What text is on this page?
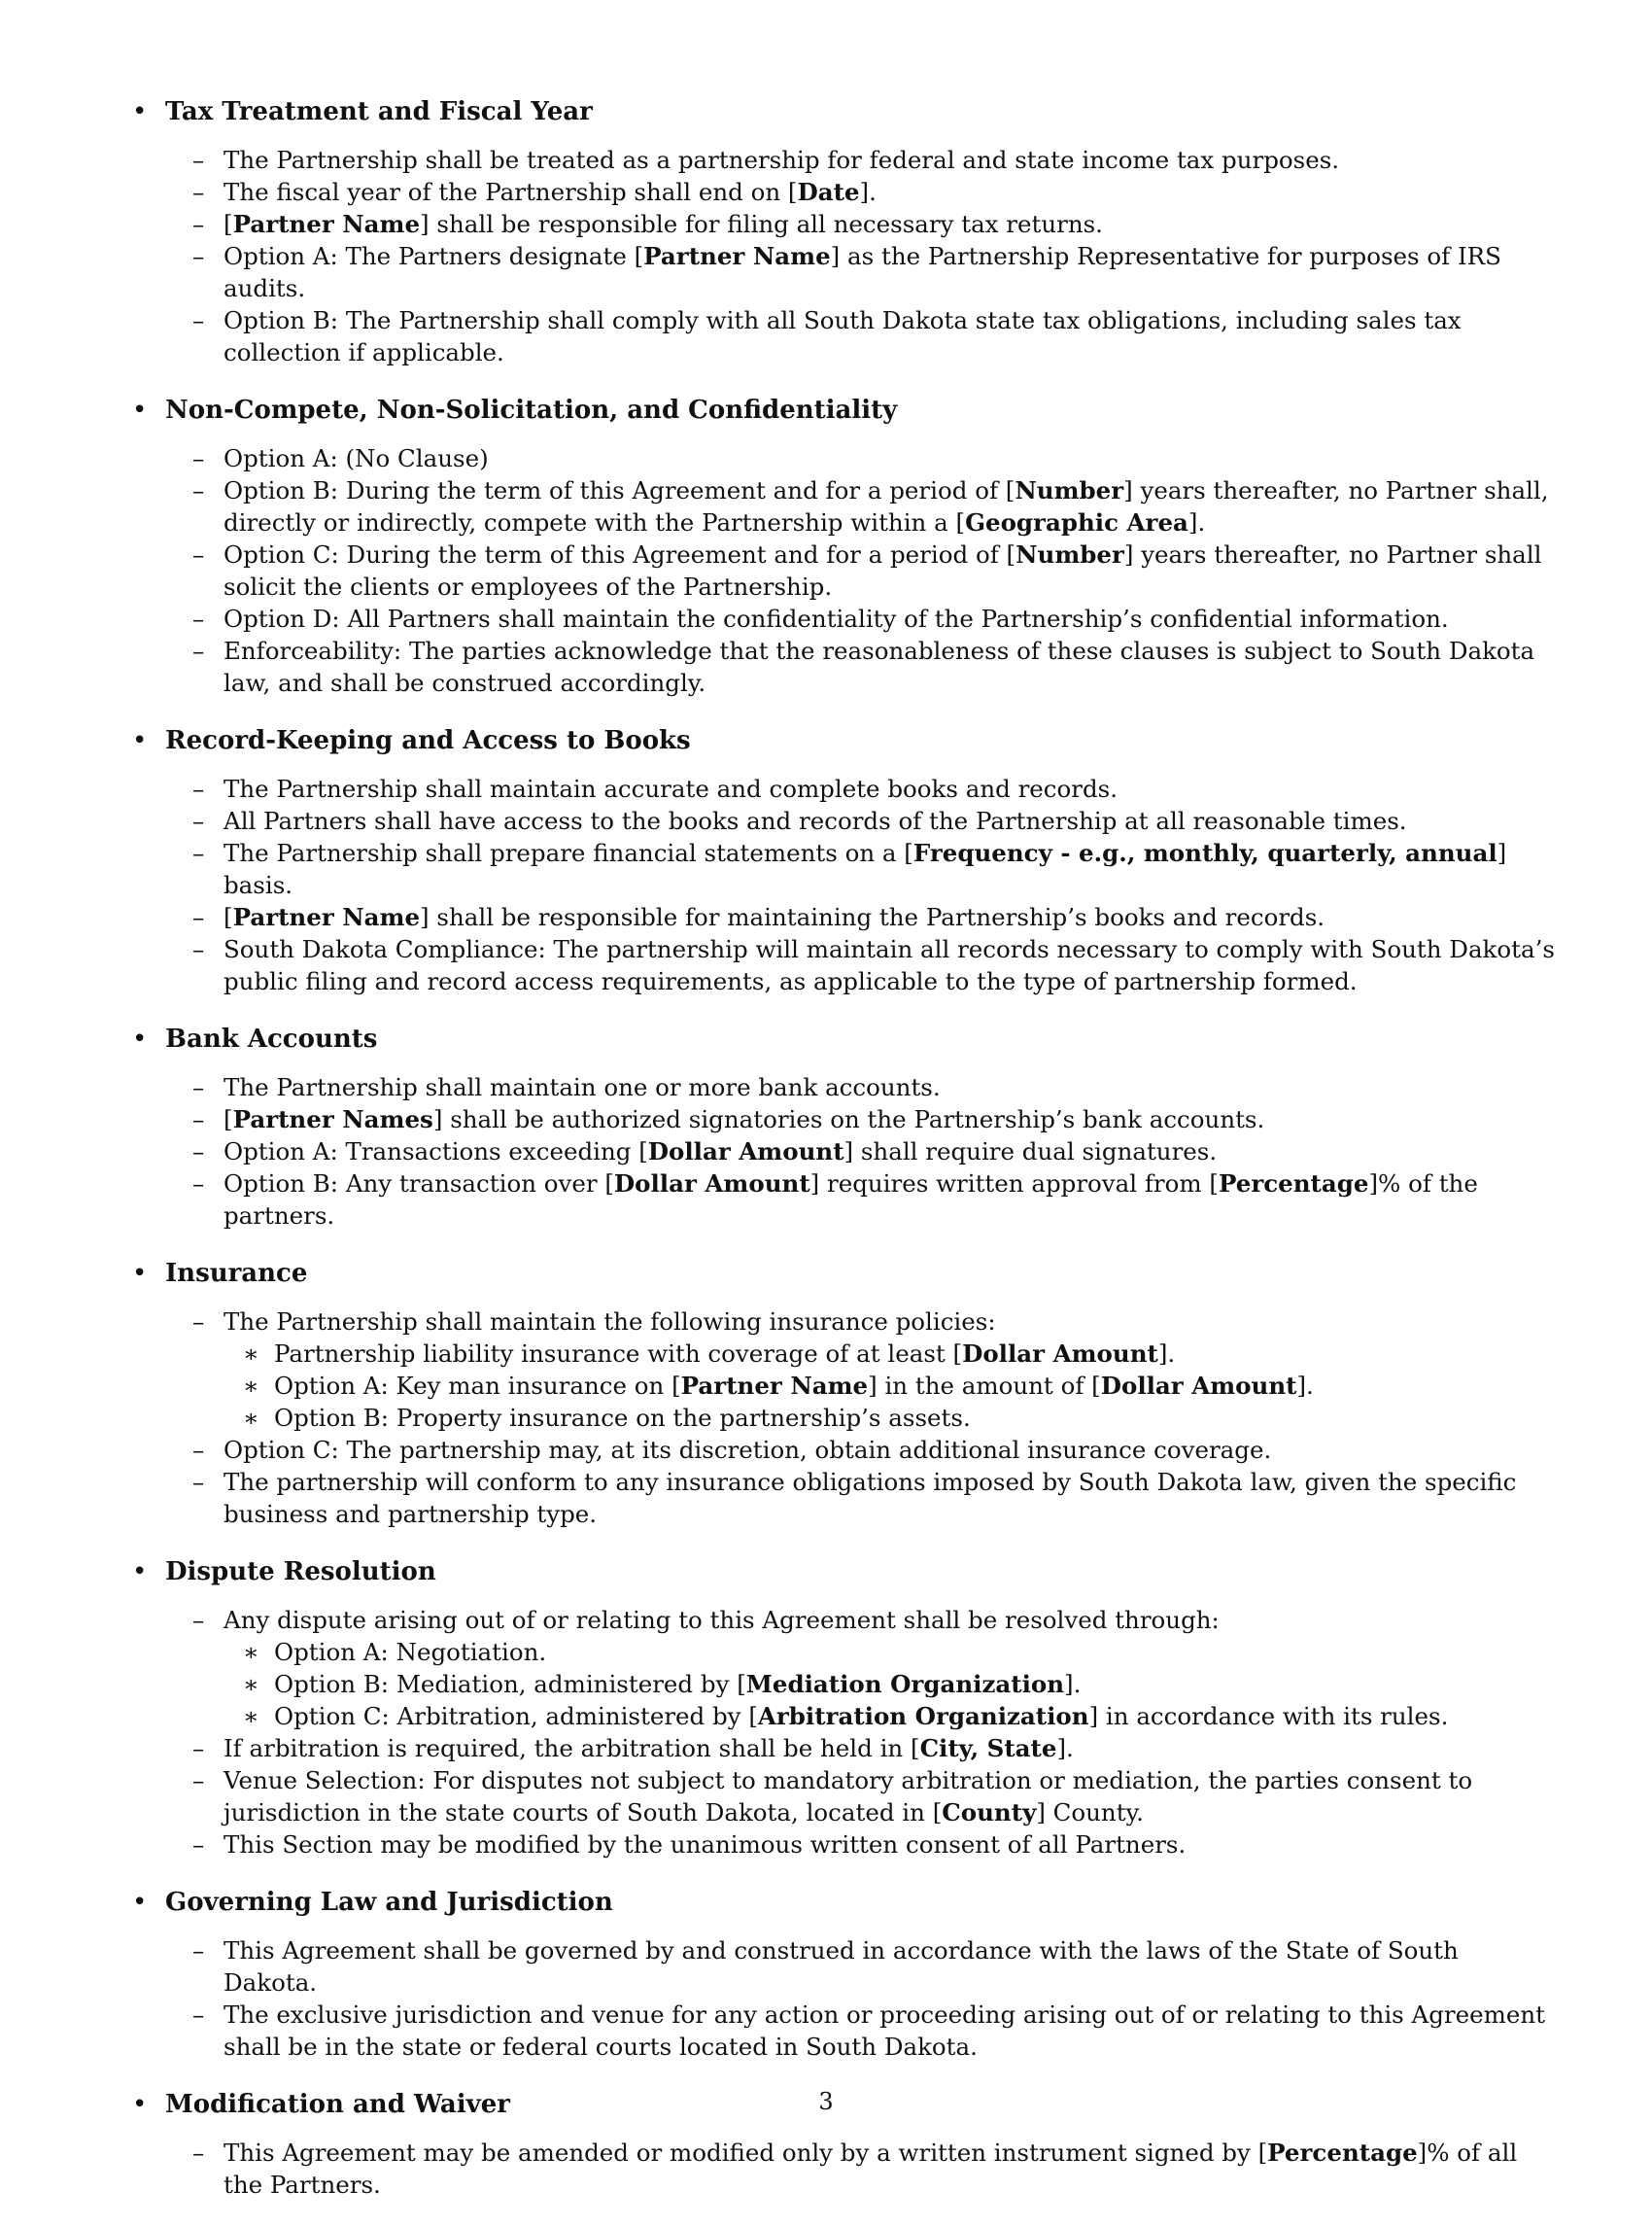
• Tax Treatment and Fiscal Year
– The Partnership shall be treated as a partnership for federal and state income tax purposes.
– The fiscal year of the Partnership shall end on [Date].
– [Partner Name] shall be responsible for filing all necessary tax returns.
– Option A: The Partners designate [Partner Name] as the Partnership Representative for purposes of IRS audits.
– Option B: The Partnership shall comply with all South Dakota state tax obligations, including sales tax collection if applicable.
• Non-Compete, Non-Solicitation, and Confidentiality
– Option A: (No Clause)
– Option B: During the term of this Agreement and for a period of [Number] years thereafter, no Partner shall, directly or indirectly, compete with the Partnership within a [Geographic Area].
– Option C: During the term of this Agreement and for a period of [Number] years thereafter, no Partner shall solicit the clients or employees of the Partnership.
– Option D: All Partners shall maintain the confidentiality of the Partnership’s confidential information.
– Enforceability: The parties acknowledge that the reasonableness of these clauses is subject to South Dakota law, and shall be construed accordingly.
• Record-Keeping and Access to Books
– The Partnership shall maintain accurate and complete books and records.
– All Partners shall have access to the books and records of the Partnership at all reasonable times.
– The Partnership shall prepare financial statements on a [Frequency - e.g., monthly, quarterly, annual] basis.
– [Partner Name] shall be responsible for maintaining the Partnership’s books and records.
– South Dakota Compliance: The partnership will maintain all records necessary to comply with South Dakota’s public filing and record access requirements, as applicable to the type of partnership formed.
• Bank Accounts
– The Partnership shall maintain one or more bank accounts.
– [Partner Names] shall be authorized signatories on the Partnership’s bank accounts.
– Option A: Transactions exceeding [Dollar Amount] shall require dual signatures.
– Option B: Any transaction over [Dollar Amount] requires written approval from [Percentage]% of the partners.
• Insurance
– The Partnership shall maintain the following insurance policies:
∗ Partnership liability insurance with coverage of at least [Dollar Amount].
∗ Option A: Key man insurance on [Partner Name] in the amount of [Dollar Amount].
∗ Option B: Property insurance on the partnership’s assets.
– Option C: The partnership may, at its discretion, obtain additional insurance coverage.
– The partnership will conform to any insurance obligations imposed by South Dakota law, given the specific business and partnership type.
• Dispute Resolution
– Any dispute arising out of or relating to this Agreement shall be resolved through:
∗ Option A: Negotiation.
∗ Option B: Mediation, administered by [Mediation Organization].
∗ Option C: Arbitration, administered by [Arbitration Organization] in accordance with its rules.
– If arbitration is required, the arbitration shall be held in [City, State].
– Venue Selection: For disputes not subject to mandatory arbitration or mediation, the parties consent to jurisdiction in the state courts of South Dakota, located in [County] County.
– This Section may be modified by the unanimous written consent of all Partners.
• Governing Law and Jurisdiction
– This Agreement shall be governed by and construed in accordance with the laws of the State of South Dakota.
– The exclusive jurisdiction and venue for any action or proceeding arising out of or relating to this Agreement shall be in the state or federal courts located in South Dakota.
• Modification and Waiver
– This Agreement may be amended or modified only by a written instrument signed by [Percentage]% of all the Partners.
3
